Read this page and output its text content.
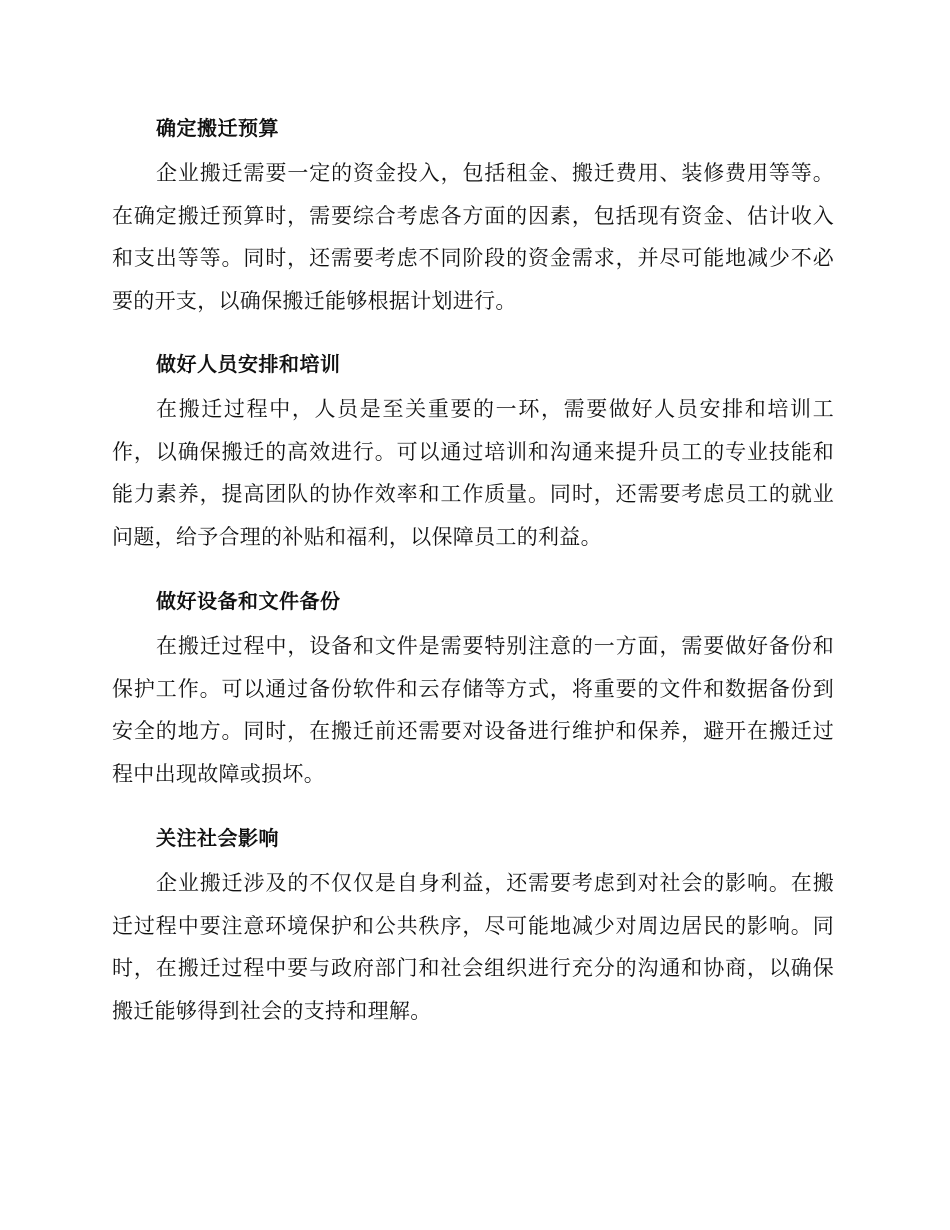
确定搬迁预算

企业搬迁需要一定的资金投入，包括租金、搬迁费用、装修费用等等。在确定搬迁预算时，需要综合考虑各方面的因素，包括现有资金、估计收入和支出等等。同时，还需要考虑不同阶段的资金需求，并尽可能地减少不必要的开支，以确保搬迁能够根据计划进行。

做好人员安排和培训

在搬迁过程中，人员是至关重要的一环，需要做好人员安排和培训工作，以确保搬迁的高效进行。可以通过培训和沟通来提升员工的专业技能和能力素养，提高团队的协作效率和工作质量。同时，还需要考虑员工的就业问题，给予合理的补贴和福利，以保障员工的利益。

做好设备和文件备份

在搬迁过程中，设备和文件是需要特别注意的一方面，需要做好备份和保护工作。可以通过备份软件和云存储等方式，将重要的文件和数据备份到安全的地方。同时，在搬迁前还需要对设备进行维护和保养，避开在搬迁过程中出现故障或损坏。

关注社会影响

企业搬迁涉及的不仅仅是自身利益，还需要考虑到对社会的影响。在搬迁过程中要注意环境保护和公共秩序，尽可能地减少对周边居民的影响。同时，在搬迁过程中要与政府部门和社会组织进行充分的沟通和协商，以确保搬迁能够得到社会的支持和理解。
